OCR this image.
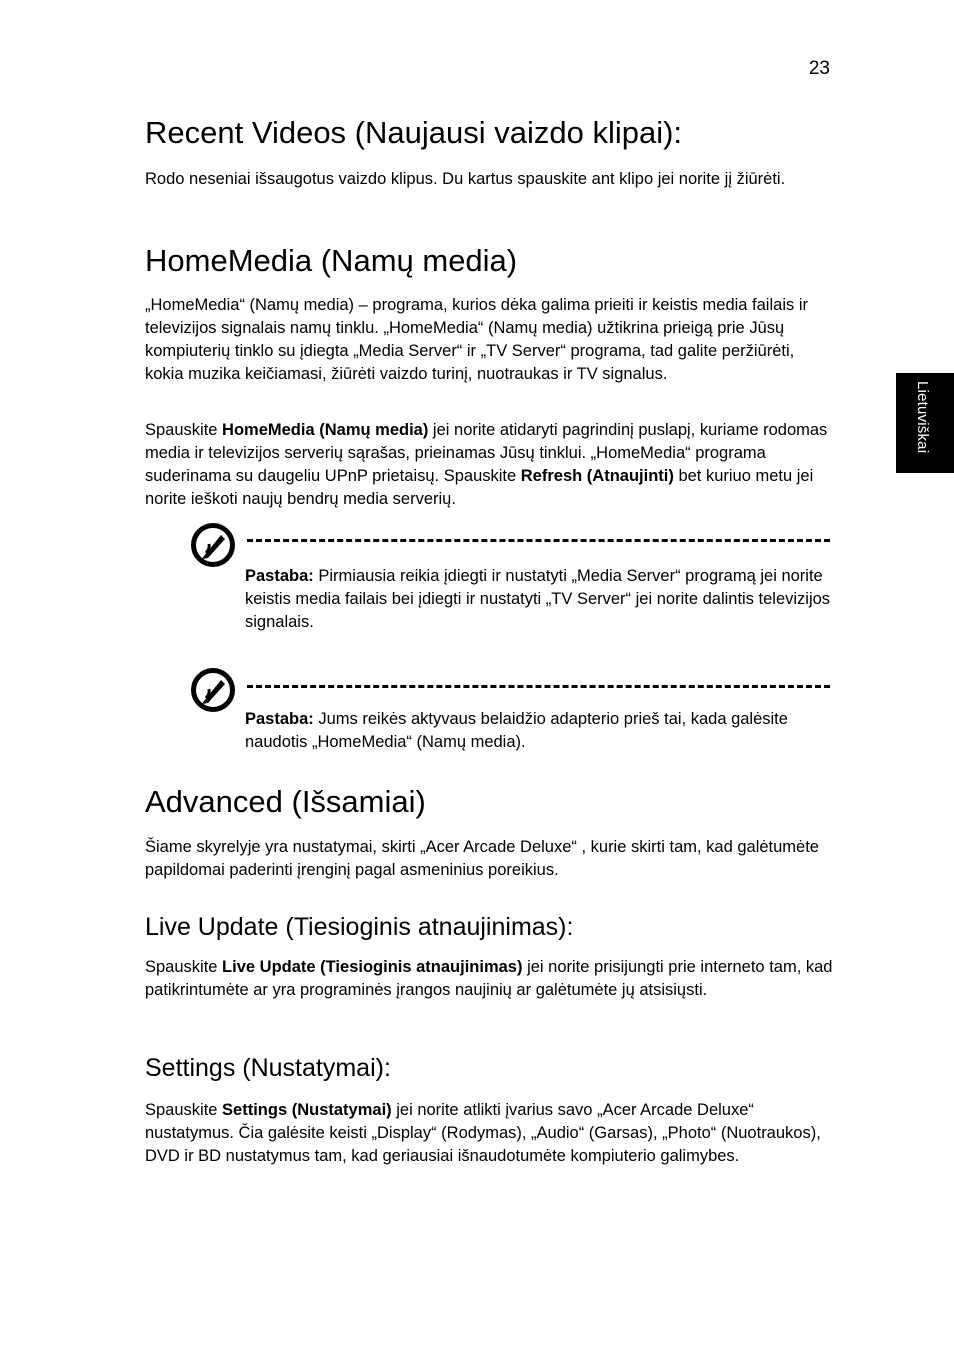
23
Lietuviškai
Recent Videos (Naujausi vaizdo klipai):

Rodo neseniai išsaugotus vaizdo klipus. Du kartus spauskite ant klipo jei norite jį žiūrėti.

HomeMedia (Namų media)

„HomeMedia“ (Namų media) – programa, kurios dėka galima prieiti ir keistis media failais ir televizijos signalais namų tinklu. „HomeMedia“ (Namų media) užtikrina prieigą prie Jūsų kompiuterių tinklo su įdiegta „Media Server“ ir „TV Server“ programa, tad galite peržiūrėti, kokia muzika keičiamasi, žiūrėti vaizdo turinį, nuotraukas ir TV signalus.

Spauskite HomeMedia (Namų media) jei norite atidaryti pagrindinį puslapį, kuriame rodomas media ir televizijos serverių sąrašas, prieinamas Jūsų tinklui. „HomeMedia“ programa suderinama su daugeliu UPnP prietaisų. Spauskite Refresh (Atnaujinti) bet kuriuo metu jei norite ieškoti naujų bendrų media serverių.

Pastaba: Pirmiausia reikia įdiegti ir nustatyti „Media Server“ programą jei norite keistis media failais bei įdiegti ir nustatyti „TV Server“ jei norite dalintis televizijos signalais.

Pastaba: Jums reikės aktyvaus belaidžio adapterio prieš tai, kada galėsite naudotis „HomeMedia“ (Namų media).

Advanced (Išsamiai)

Šiame skyrelyje yra nustatymai, skirti „Acer Arcade Deluxe“ , kurie skirti tam, kad galėtumėte papildomai paderinti įrenginį pagal asmeninius poreikius.

Live Update (Tiesioginis atnaujinimas):

Spauskite Live Update (Tiesioginis atnaujinimas) jei norite prisijungti prie interneto tam, kad patikrintumėte ar yra programinės įrangos naujinių ar galėtumėte jų atsisiųsti.

Settings (Nustatymai):

Spauskite Settings (Nustatymai) jei norite atlikti įvarius savo „Acer Arcade Deluxe“ nustatymus. Čia galėsite keisti „Display“ (Rodymas), „Audio“ (Garsas), „Photo“ (Nuotraukos), DVD ir BD nustatymus tam, kad geriausiai išnaudotumėte kompiuterio galimybes.
